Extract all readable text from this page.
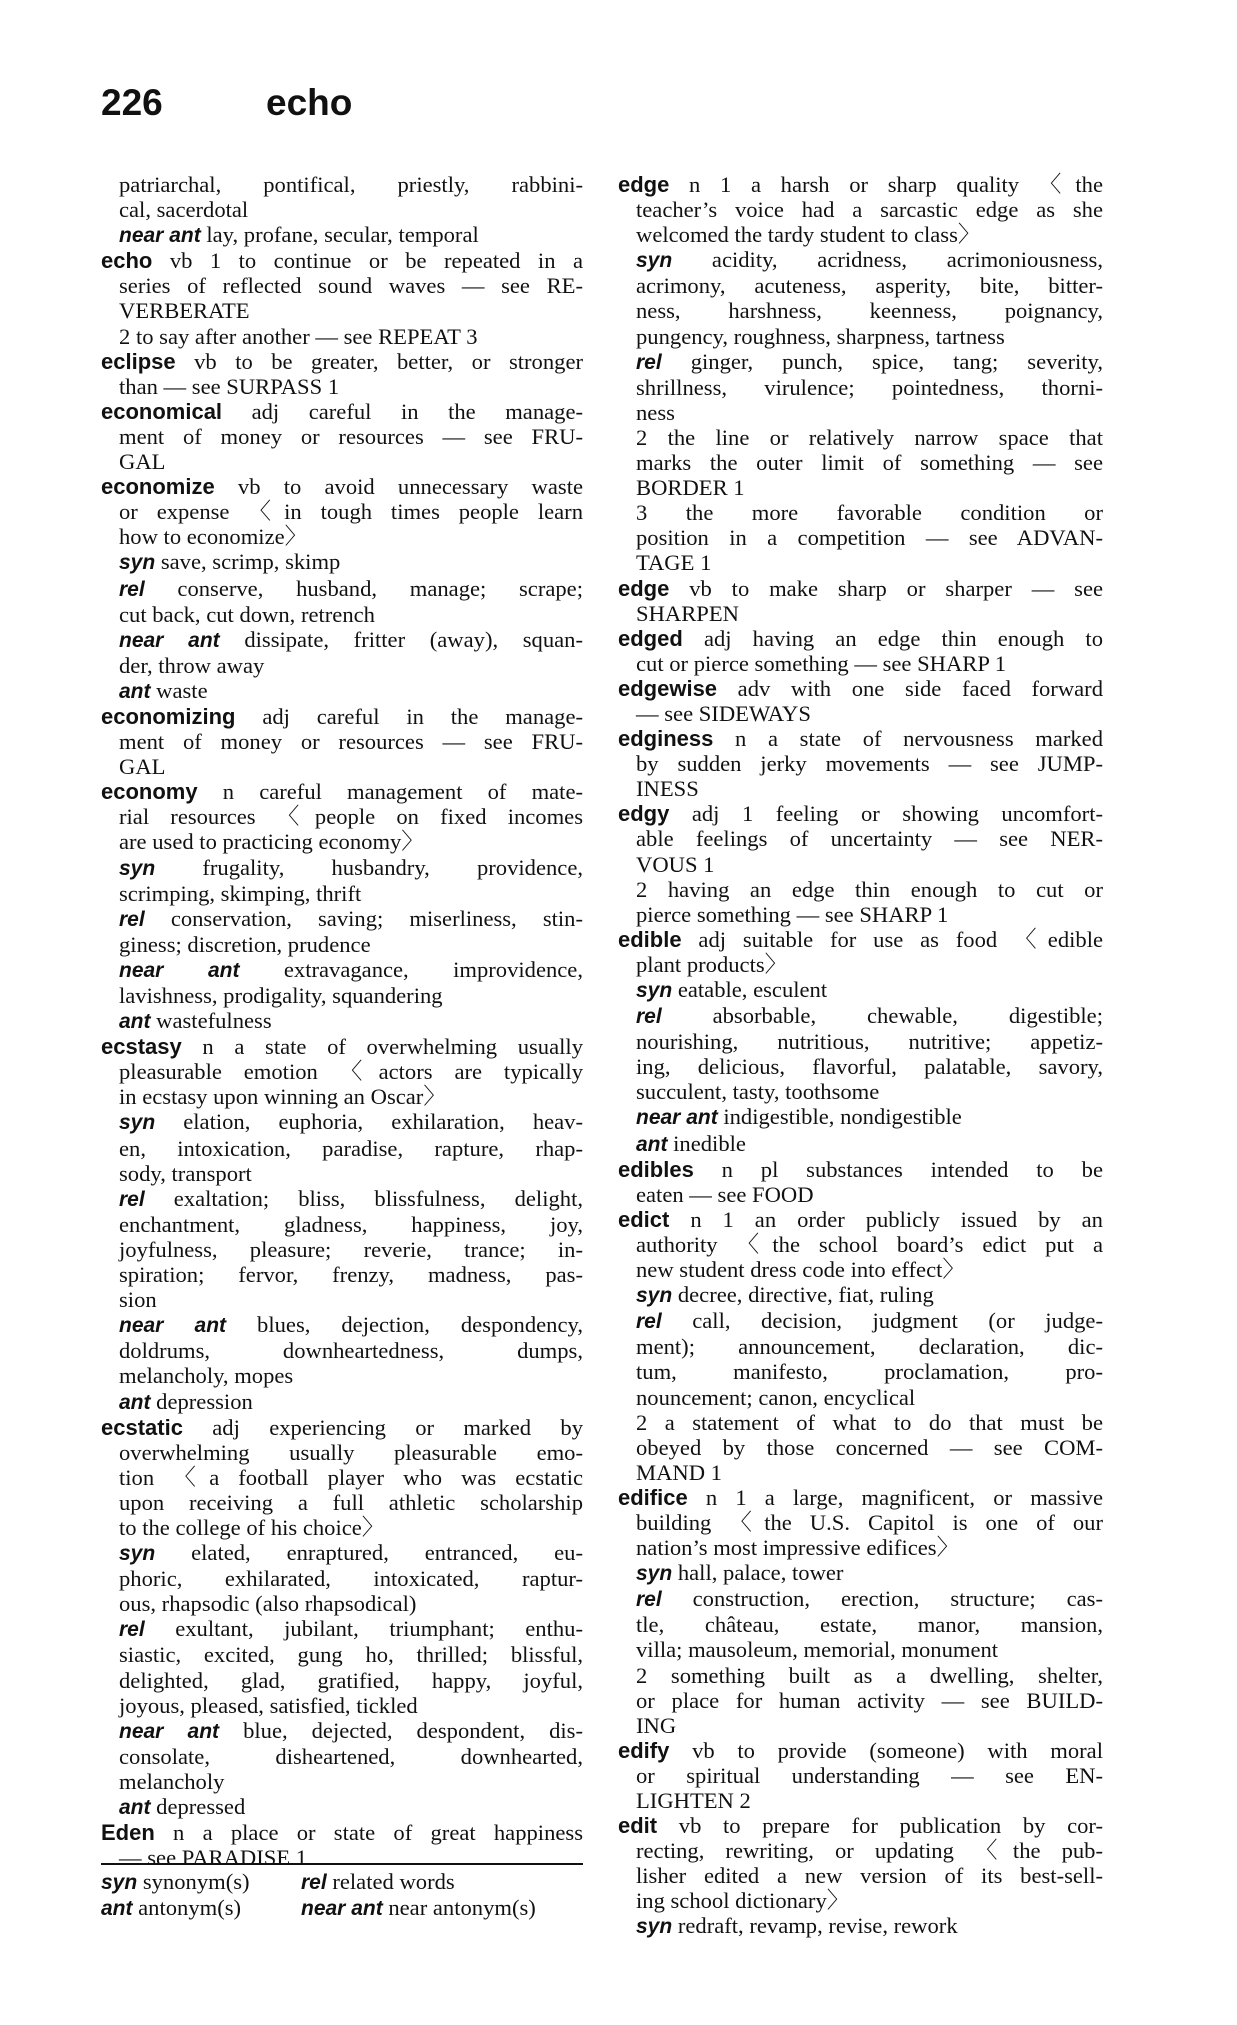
226	echo
patriarchal, pontifical, priestly, rabbini-
cal, sacerdotal
near ant lay, profane, secular, temporal
echo vb 1 to continue or be repeated in a
series of reflected sound waves — see RE-
VERBERATE
2 to say after another — see REPEAT 3
eclipse vb to be greater, better, or stronger
than — see SURPASS 1
economical adj careful in the manage-
ment of money or resources — see FRU-
GAL
economize vb to avoid unnecessary waste
or expense 〈in tough times people learn
how to economize〉
syn save, scrimp, skimp
rel conserve, husband, manage; scrape;
cut back, cut down, retrench
near ant dissipate, fritter (away), squan-
der, throw away
ant waste
economizing adj careful in the manage-
ment of money or resources — see FRU-
GAL
economy n careful management of mate-
rial resources 〈people on fixed incomes
are used to practicing economy〉
syn frugality, husbandry, providence,
scrimping, skimping, thrift
rel conservation, saving; miserliness, stin-
giness; discretion, prudence
near ant extravagance, improvidence,
lavishness, prodigality, squandering
ant wastefulness
ecstasy n a state of overwhelming usually
pleasurable emotion 〈actors are typically
in ecstasy upon winning an Oscar〉
syn elation, euphoria, exhilaration, heav-
en, intoxication, paradise, rapture, rhap-
sody, transport
rel exaltation; bliss, blissfulness, delight,
enchantment, gladness, happiness, joy,
joyfulness, pleasure; reverie, trance; in-
spiration; fervor, frenzy, madness, pas-
sion
near ant blues, dejection, despondency,
doldrums, downheartedness, dumps,
melancholy, mopes
ant depression
ecstatic adj experiencing or marked by
overwhelming usually pleasurable emo-
tion 〈a football player who was ecstatic
upon receiving a full athletic scholarship
to the college of his choice〉
syn elated, enraptured, entranced, eu-
phoric, exhilarated, intoxicated, raptur-
ous, rhapsodic (also rhapsodical)
rel exultant, jubilant, triumphant; enthu-
siastic, excited, gung ho, thrilled; blissful,
delighted, glad, gratified, happy, joyful,
joyous, pleased, satisfied, tickled
near ant blue, dejected, despondent, dis-
consolate, disheartened, downhearted,
melancholy
ant depressed
Eden n a place or state of great happiness
— see PARADISE 1
edge n 1 a harsh or sharp quality 〈the
teacher’s voice had a sarcastic edge as she
welcomed the tardy student to class〉
syn acidity, acridness, acrimoniousness,
acrimony, acuteness, asperity, bite, bitter-
ness, harshness, keenness, poignancy,
pungency, roughness, sharpness, tartness
rel ginger, punch, spice, tang; severity,
shrillness, virulence; pointedness, thorni-
ness
2 the line or relatively narrow space that
marks the outer limit of something — see
BORDER 1
3 the more favorable condition or
position in a competition — see ADVAN-
TAGE 1
edge vb to make sharp or sharper — see
SHARPEN
edged adj having an edge thin enough to
cut or pierce something — see SHARP 1
edgewise adv with one side faced forward
— see SIDEWAYS
edginess n a state of nervousness marked
by sudden jerky movements — see JUMP-
INESS
edgy adj 1 feeling or showing uncomfort-
able feelings of uncertainty — see NER-
VOUS 1
2 having an edge thin enough to cut or
pierce something — see SHARP 1
edible adj suitable for use as food 〈edible
plant products〉
syn eatable, esculent
rel absorbable, chewable, digestible;
nourishing, nutritious, nutritive; appetiz-
ing, delicious, flavorful, palatable, savory,
succulent, tasty, toothsome
near ant indigestible, nondigestible
ant inedible
edibles n pl substances intended to be
eaten — see FOOD
edict n 1 an order publicly issued by an
authority 〈the school board’s edict put a
new student dress code into effect〉
syn decree, directive, fiat, ruling
rel call, decision, judgment (or judge-
ment); announcement, declaration, dic-
tum, manifesto, proclamation, pro-
nouncement; canon, encyclical
2 a statement of what to do that must be
obeyed by those concerned — see COM-
MAND 1
edifice n 1 a large, magnificent, or massive
building 〈the U.S. Capitol is one of our
nation’s most impressive edifices〉
syn hall, palace, tower
rel construction, erection, structure; cas-
tle, château, estate, manor, mansion,
villa; mausoleum, memorial, monument
2 something built as a dwelling, shelter,
or place for human activity — see BUILD-
ING
edify vb to provide (someone) with moral
or spiritual understanding — see EN-
LIGHTEN 2
edit vb to prepare for publication by cor-
recting, rewriting, or updating 〈the pub-
lisher edited a new version of its best-sell-
ing school dictionary〉
syn redraft, revamp, revise, rework
syn synonym(s)	rel related words
ant antonym(s)	near ant near antonym(s)
